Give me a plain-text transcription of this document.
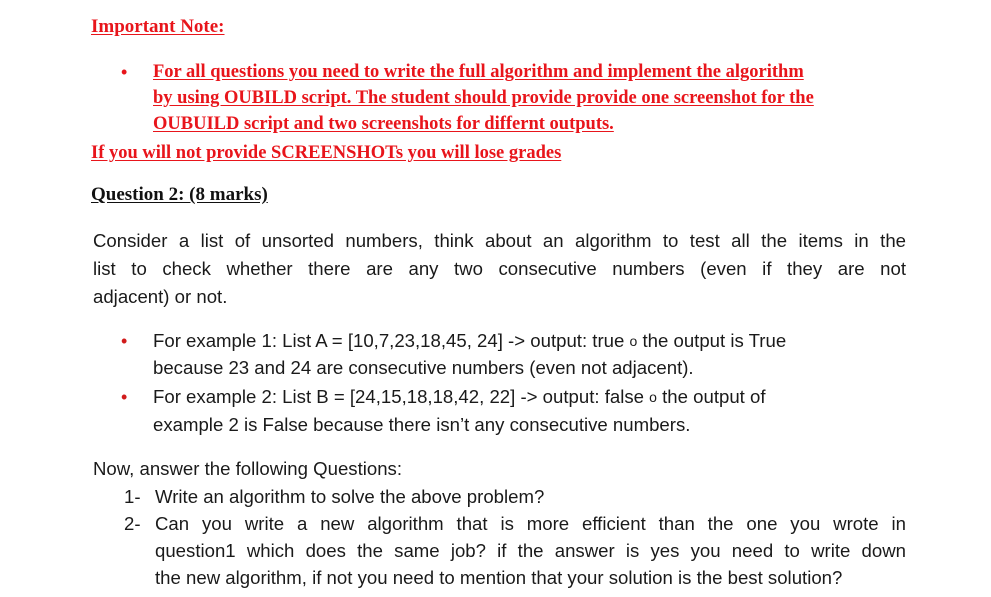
Important Note:
• For all questions you need to write the full algorithm and implement the algorithm
by using OUBILD script. The student should provide provide one screenshot for the
OUBUILD script and two screenshots for differnt outputs.
If you will not provide SCREENSHOTs you will lose grades
Question 2: (8 marks)
Consider a list of unsorted numbers, think about an algorithm to test all the items in the
list to check whether there are any two consecutive numbers (even if they are not
adjacent) or not.
• For example 1: List A = [10,7,23,18,45, 24] -> output: true o the output is True
because 23 and 24 are consecutive numbers (even not adjacent).
• For example 2: List B = [24,15,18,18,42, 22] -> output: false o the output of
example 2 is False because there isn’t any consecutive numbers.
Now, answer the following Questions:
1- Write an algorithm to solve the above problem?
2- Can you write a new algorithm that is more efficient than the one you wrote in
question1 which does the same job? if the answer is yes you need to write down
the new algorithm, if not you need to mention that your solution is the best solution?
